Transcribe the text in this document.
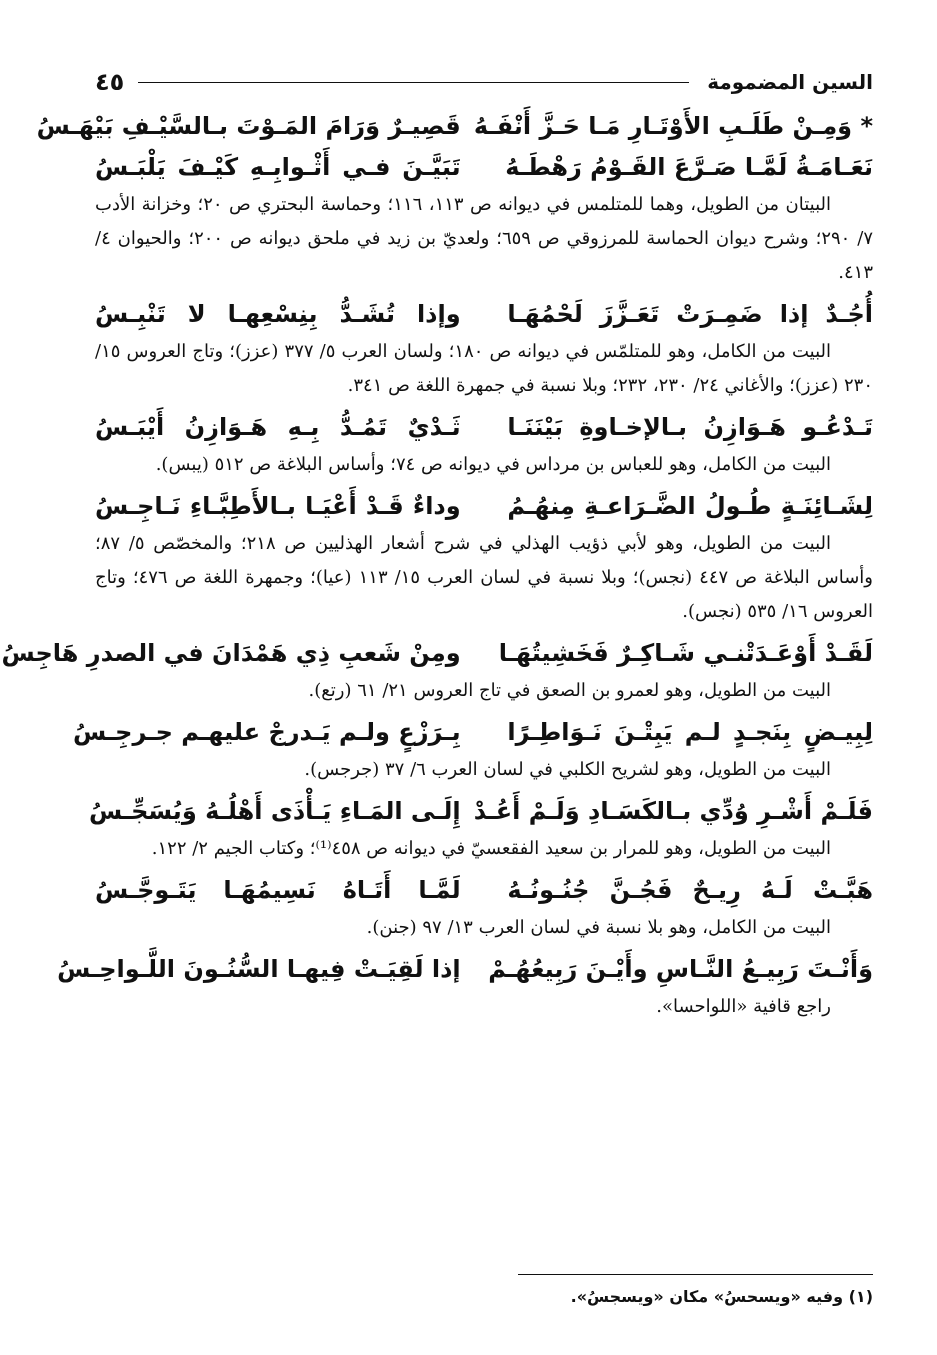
السين المضمومة
٤٥
* وَمِـنْ طَلَـبِ الأَوْتَـارِ مَـا حَـزَّ أَنْفَـهُ
قَصِيـرٌ وَرَامَ المَـوْتَ بـالسَّيْـفِ بَيْهَـسُ
نَعَـامَـةُ لَمَّـا صَـرَّعَ القَـوْمُ رَهْطَـهُ
تَبَيَّـنَ فـي أَثْـوابِـهِ كَيْـفَ يَلْبَـسُ

البيتان من الطويل، وهما للمتلمس في ديوانه ص ١١٣، ١١٦؛ وحماسة البحتري ص ٢٠؛ وخزانة الأدب ٧/ ٢٩٠؛ وشرح ديوان الحماسة للمرزوقي ص ٦٥٩؛ ولعديّ بن زيد في ملحق ديوانه ص ٢٠٠؛ والحيوان ٤/ ٤١٣.

أُجُـدٌ إذا ضَمِـرَتْ تَعَـزَّزَ لَحْمُهَـا
وإذا تُشَـدُّ بِنِسْعِهـا لا تَنْبِـسُ

البيت من الكامل، وهو للمتلمّس في ديوانه ص ١٨٠؛ ولسان العرب ٥/ ٣٧٧ (عزز)؛ وتاج العروس ١٥/ ٢٣٠ (عزز)؛ والأغاني ٢٤/ ٢٣٠، ٢٣٢؛ وبلا نسبة في جمهرة اللغة ص ٣٤١.

تَـدْعُـو هَـوَازِنُ بـالإخـاوةِ بَيْنَنَـا
ثَـدْيٌ تَمُـدُّ بِـهِ هَـوَازِنُ أَيْبَـسُ

البيت من الكامل، وهو للعباس بن مرداس في ديوانه ص ٧٤؛ وأساس البلاغة ص ٥١٢ (يبس).

لِشَـائِنَـةٍ طُـولُ الضَّـرَاعـةِ مِنهُـمُ
وداءٌ قَـدْ أَعْيَـا بـالأَطِبَّـاءِ نَـاجِـسُ

البيت من الطويل، وهو لأبي ذؤيب الهذلي في شرح أشعار الهذليين ص ٢١٨؛ والمخصّص ٥/ ٨٧؛ وأساس البلاغة ص ٤٤٧ (نجس)؛ وبلا نسبة في لسان العرب ١٥/ ١١٣ (عيا)؛ وجمهرة اللغة ص ٤٧٦؛ وتاج العروس ١٦/ ٥٣٥ (نجس).

لَقَـدْ أَوْعَـدَتْنـي شَـاكِـرٌ فَخَشِيتُهَـا
ومِنْ شَعبِ ذِي هَمْدَانَ في الصدرِ هَاجِسُ

البيت من الطويل، وهو لعمرو بن الصعق في تاج العروس ٢١/ ٦١ (رتع).

لِبِيـضٍ بِنَجـدٍ لـم يَبِتْـنَ نَـوَاطِـرًا
بِـرَزْعٍ ولـم يَـدرجْ عليهـم جـرجِـسُ

البيت من الطويل، وهو لشريح الكلبي في لسان العرب ٦/ ٣٧ (جرجس).

فَلَـمْ أَشْـرِ وُدِّي بـالكَسَـادِ وَلَـمْ أَعُـدْ
إِلَـى المَـاءِ يَـأْذَى أَهْلُـهُ وَيُسَجِّـسُ

البيت من الطويل، وهو للمرار بن سعيد الفقعسيّ في ديوانه ص ٤٥٨⁽¹⁾؛ وكتاب الجيم ٢/ ١٢٢.

هَبَّـتْ لَـهُ رِيـحٌ فَجُـنَّ جُنُـونُـهُ
لَمَّـا أَتَـاهُ نَسِيمُهَـا يَتَـوجَّـسُ

البيت من الكامل، وهو بلا نسبة في لسان العرب ١٣/ ٩٧ (جنن).

وَأَنْـتَ رَبِيـعُ النَّـاسِ وأَيْـنَ رَبِيعُهُـمْ
إذا لَقِيَـتْ فِيهـا السُّنُـونَ اللَّـواحِـسُ

راجع قافية «اللواحسا».

(١) وفيه «ويسحسُ» مكان «ويسجسُ».
